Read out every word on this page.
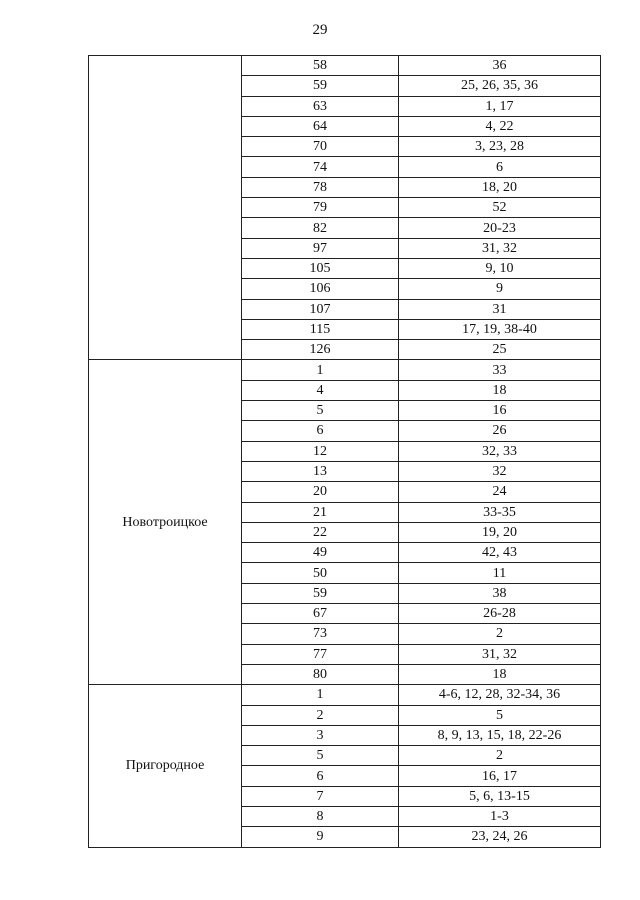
29
	58	36
	59	25, 26, 35, 36
	63	1, 17
	64	4, 22
	70	3, 23, 28
	74	6
	78	18, 20
	79	52
	82	20-23
	97	31, 32
	105	9, 10
	106	9
	107	31
	115	17, 19, 38-40
	126	25
Новотроицкое	1	33
	4	18
	5	16
	6	26
	12	32, 33
	13	32
	20	24
	21	33-35
	22	19, 20
	49	42, 43
	50	11
	59	38
	67	26-28
	73	2
	77	31, 32
	80	18
Пригородное	1	4-6, 12, 28, 32-34, 36
	2	5
	3	8, 9, 13, 15, 18, 22-26
	5	2
	6	16, 17
	7	5, 6, 13-15
	8	1-3
	9	23, 24, 26
